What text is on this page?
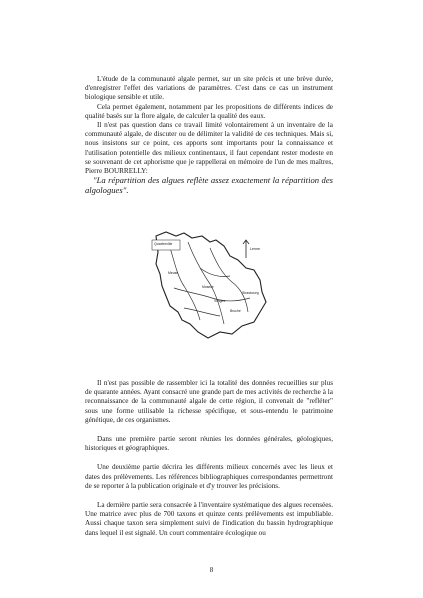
L'étude de la communauté algale permet, sur un site précis et une brève durée, d'enregistrer l'effet des variations de paramètres. C'est dans ce cas un instrument biologique sensible et utile.

Cela permet également, notamment par les propositions de différents indices de qualité basés sur la flore algale, de calculer la qualité des eaux.

Il n'est pas question dans ce travail limité volontairement à un inventaire de la communauté algale, de discuter ou de délimiter la validité de ces techniques. Mais si, nous insistons sur ce point, ces apports sont importants pour la connaissance et l'utilisation potentielle des milieux continentaux, il faut cependant rester modeste en se souvenant de cet aphorisme que je rappellerai en mémoire de l'un de mes maîtres, Pierre BOURRELLY:

"La répartition des algues reflète assez exactement la répartition des algologues".

Quarterville
Lenne
Moselle
Vosges
Strasbourg
Bruche
Meuse

Il n'est pas possible de rassembler ici la totalité des données recueillies sur plus de quarante années. Ayant consacré une grande part de mes activités de recherche à la reconnaissance de la communauté algale de cette région, il convenait de "refléter" sous une forme utilisable la richesse spécifique, et sous-entendu le patrimoine génétique, de ces organismes.

Dans une première partie seront réunies les données générales, géologiques, historiques et géographiques.

Une deuxième partie décrira les différents milieux concernés avec les lieux et dates des prélèvements. Les références bibliographiques correspondantes permettront de se reporter à la publication originale et d'y trouver les précisions.

La dernière partie sera consacrée à l'inventaire systématique des algues recensées. Une matrice avec plus de 700 taxons et quinze cents prélèvements est impubliable. Aussi chaque taxon sera simplement suivi de l'indication du bassin hydrographique dans lequel il est signalé. Un court commentaire écologique ou

8
